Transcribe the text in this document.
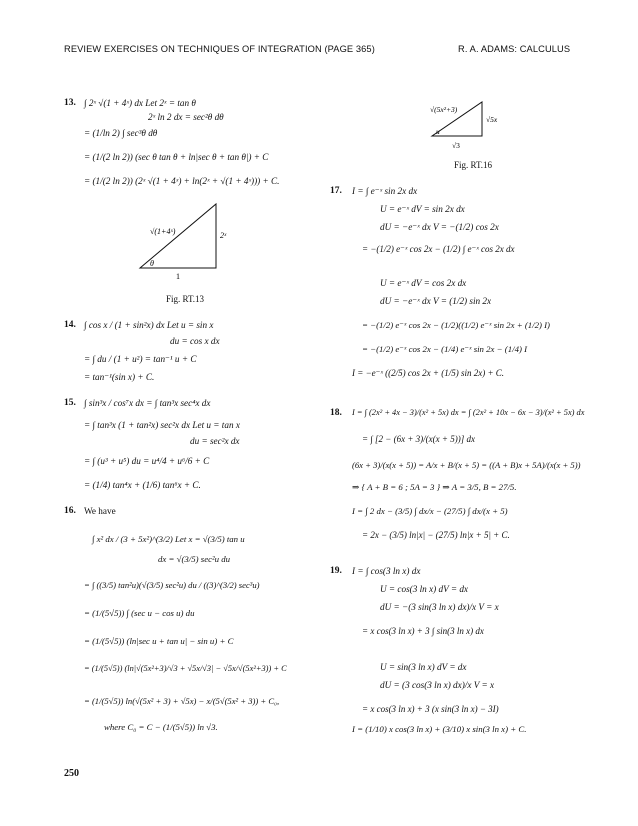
REVIEW EXERCISES ON TECHNIQUES OF INTEGRATION (PAGE 365)	R. A. ADAMS: CALCULUS
13. ∫ 2ˣ √(1 + 4ˣ) dx Let 2ˣ = tan θ
2ˣ ln 2 dx = sec²θ dθ
= (1/ln 2) ∫ sec³θ dθ
= (1/(2 ln 2)) (sec θ tan θ + ln|sec θ + tan θ|) + C
= (1/(2 ln 2)) (2ˣ √(1 + 4ˣ) + ln(2ˣ + √(1 + 4ˣ))) + C.
√(1+4ˣ)	2ˣ
1
θ
Fig. RT.13
14. ∫ cos x / (1 + sin²x) dx Let u = sin x
du = cos x dx
= ∫ du / (1 + u²) = tan⁻¹ u + C
= tan⁻¹(sin x) + C.
15. ∫ sin³x / cos⁷x dx = ∫ tan³x sec⁴x dx
= ∫ tan³x (1 + tan²x) sec²x dx Let u = tan x
du = sec²x dx
= ∫ (u³ + u⁵) du = u⁴/4 + u⁶/6 + C
= (1/4) tan⁴x + (1/6) tan⁶x + C.
16. We have
∫ x² dx / (3 + 5x²)^(3/2) Let x = √(3/5) tan u
dx = √(3/5) sec²u du
= ∫ ((3/5) tan²u)(√(3/5) sec²u) du / ((3)^(3/2) sec³u)
= (1/(5√5)) ∫ (sec u − cos u) du
= (1/(5√5)) (ln|sec u + tan u| − sin u) + C
= (1/(5√5)) (ln|√(5x²+3)/√3 + √5x/√3| − √5x/√(5x²+3)) + C
= (1/(5√5)) ln(√(5x² + 3) + √5x) − x/(5√(5x² + 3)) + C₀,
where C₀ = C − (1/(5√5)) ln √3.
√(5x²+3)
√5x
√3
u
Fig. RT.16
17. I = ∫ e⁻ˣ sin 2x dx
U = e⁻ˣ dV = sin 2x dx
dU = −e⁻ˣ dx V = −(1/2) cos 2x
= −(1/2) e⁻ˣ cos 2x − (1/2) ∫ e⁻ˣ cos 2x dx
U = e⁻ˣ dV = cos 2x dx
dU = −e⁻ˣ dx V = (1/2) sin 2x
= −(1/2) e⁻ˣ cos 2x − (1/2)((1/2) e⁻ˣ sin 2x + (1/2) I)
= −(1/2) e⁻ˣ cos 2x − (1/4) e⁻ˣ sin 2x − (1/4) I
I = −e⁻ˣ ((2/5) cos 2x + (1/5) sin 2x) + C.
18. I = ∫ (2x² + 4x − 3)/(x² + 5x) dx = ∫ (2x² + 10x − 6x − 3)/(x² + 5x) dx
= ∫ [2 − (6x + 3)/(x(x + 5))] dx
(6x + 3)/(x(x + 5)) = A/x + B/(x + 5) = ((A + B)x + 5A)/(x(x + 5))
⇒ { A + B = 6 ; 5A = 3 } ⇒ A = 3/5, B = 27/5.
I = ∫ 2 dx − (3/5) ∫ dx/x − (27/5) ∫ dx/(x + 5)
= 2x − (3/5) ln|x| − (27/5) ln|x + 5| + C.
19. I = ∫ cos(3 ln x) dx
U = cos(3 ln x) dV = dx
dU = −(3 sin(3 ln x) dx)/x V = x
= x cos(3 ln x) + 3 ∫ sin(3 ln x) dx
U = sin(3 ln x) dV = dx
dU = (3 cos(3 ln x) dx)/x V = x
= x cos(3 ln x) + 3 (x sin(3 ln x) − 3I)
I = (1/10) x cos(3 ln x) + (3/10) x sin(3 ln x) + C.
250
